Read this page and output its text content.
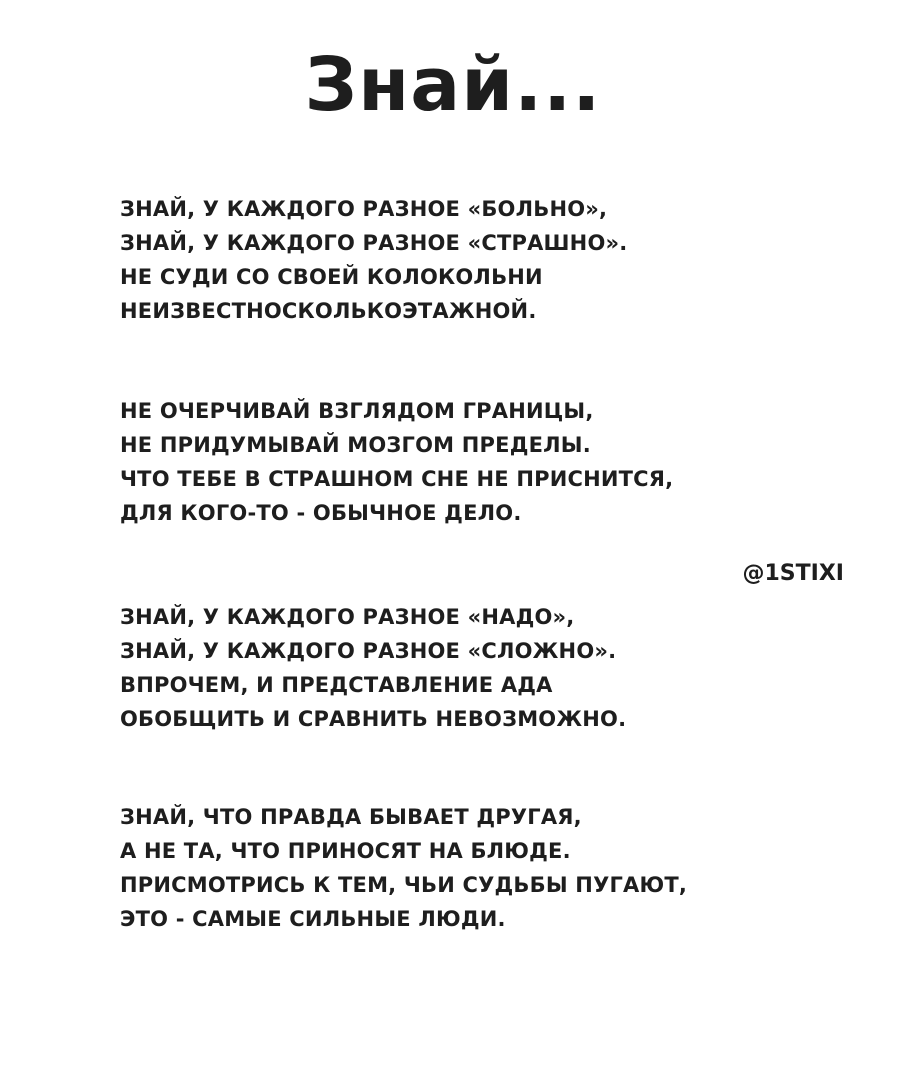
Знай...
ЗНАЙ, У КАЖДОГО РАЗНОЕ «БОЛЬНО»,
ЗНАЙ, У КАЖДОГО РАЗНОЕ «СТРАШНО».
НЕ СУДИ СО СВОЕЙ КОЛОКОЛЬНИ
НЕИЗВЕСТНОСКОЛЬКОЭТАЖНОЙ.
НЕ ОЧЕРЧИВАЙ ВЗГЛЯДОМ ГРАНИЦЫ,
НЕ ПРИДУМЫВАЙ МОЗГОМ ПРЕДЕЛЫ.
ЧТО ТЕБЕ В СТРАШНОМ СНЕ НЕ ПРИСНИТСЯ,
ДЛЯ КОГО-ТО - ОБЫЧНОЕ ДЕЛО.
@1STIXI
ЗНАЙ, У КАЖДОГО РАЗНОЕ «НАДО»,
ЗНАЙ, У КАЖДОГО РАЗНОЕ «СЛОЖНО».
ВПРОЧЕМ, И ПРЕДСТАВЛЕНИЕ АДА
ОБОБЩИТЬ И СРАВНИТЬ НЕВОЗМОЖНО.
ЗНАЙ, ЧТО ПРАВДА БЫВАЕТ ДРУГАЯ,
А НЕ ТА, ЧТО ПРИНОСЯТ НА БЛЮДЕ.
ПРИСМОТРИСЬ К ТЕМ, ЧЬИ СУДЬБЫ ПУГАЮТ,
ЭТО - САМЫЕ СИЛЬНЫЕ ЛЮДИ.
